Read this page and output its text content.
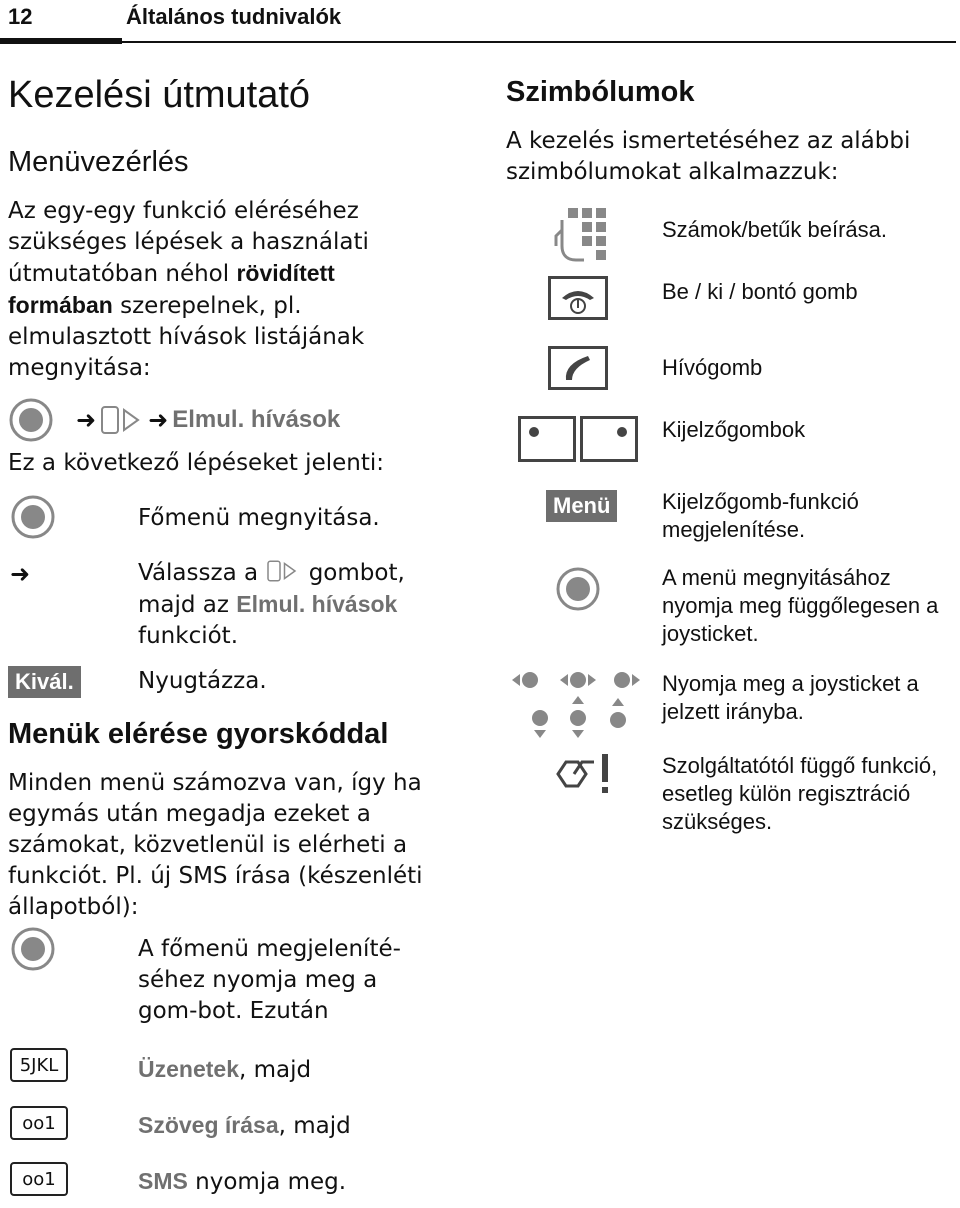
12	Általános tudnivalók
Kezelési útmutató
Menüvezérlés
Az egy-egy funkció eléréséhez szükséges lépések a használati útmutatóban néhol rövidített formában szerepelnek, pl. elmulasztott hívások listájának megnyitása:
➜ ➜ Elmul. hívások
Ez a következő lépéseket jelenti:
Főmenü megnyitása.
➜	Válassza a  gombot, majd az Elmul. hívások funkciót.
Kivál.	Nyugtázza.
Menük elérése gyorskóddal
Minden menü számozva van, így ha egymás után megadja ezeket a számokat, közvetlenül is elérheti a funkciót. Pl. új SMS írása (készenléti állapotból):
A főmenü megjeleníté-séhez nyomja meg a gom-bot. Ezután
5JKL	Üzenetek, majd
oo1	Szöveg írása, majd
oo1	SMS nyomja meg.
Szimbólumok
A kezelés ismertetéséhez az alábbi szimbólumokat alkalmazzuk:
Számok/betűk beírása.
Be / ki / bontó gomb
Hívógomb
Kijelzőgombok
Menü	Kijelzőgomb-funkció megjelenítése.
A menü megnyitásához nyomja meg függőlegesen a joysticket.
Nyomja meg a joysticket a jelzett irányba.
Szolgáltatótól függő funkció, esetleg külön regisztráció szükséges.
